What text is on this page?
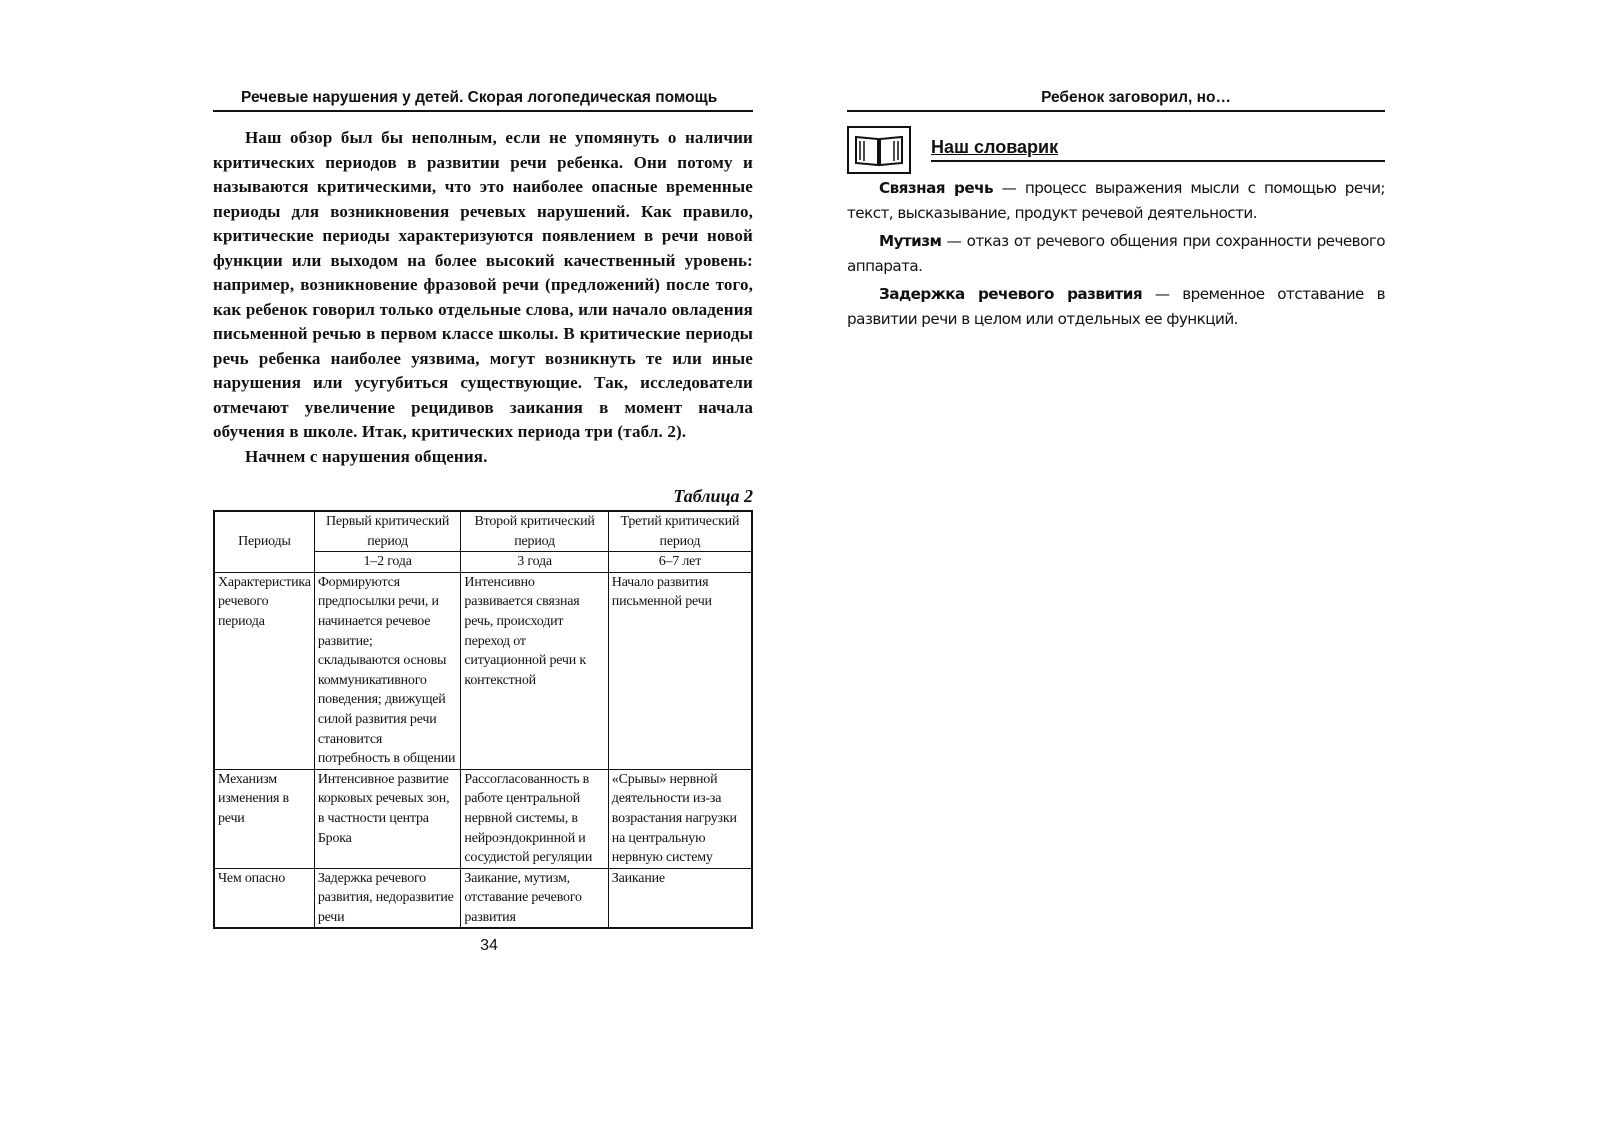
Речевые нарушения у детей. Скорая логопедическая помощь

Наш обзор был бы неполным, если не упомянуть о наличии критических периодов в развитии речи ребенка. Они потому и называются критическими, что это наиболее опасные временные периоды для возникновения речевых нарушений. Как правило, критические периоды характеризуются появлением в речи новой функции или выходом на более высокий качественный уровень: например, возникновение фразовой речи (предложений) после того, как ребенок говорил только отдельные слова, или начало овладения письменной речью в первом классе школы. В критические периоды речь ребенка наиболее уязвима, могут возникнуть те или иные нарушения или усугубиться существующие. Так, исследователи отмечают увеличение рецидивов заикания в момент начала обучения в школе. Итак, критических периода три (табл. 2).

Начнем с нарушения общения.

Таблица 2
Периоды	Первый критический период	Второй критический период	Третий критический период
	1–2 года	3 года	6–7 лет
Характеристика речевого периода	Формируются предпосылки речи, и начинается речевое развитие; складываются основы коммуникативного поведения; движущей силой развития речи становится потребность в общении	Интенсивно развивается связная речь, происходит переход от ситуационной речи к контекстной	Начало развития письменной речи
Механизм изменения в речи	Интенсивное развитие корковых речевых зон, в частности центра Брока	Рассогласованность в работе центральной нервной системы, в нейроэндокринной и сосудистой регуляции	«Срывы» нервной деятельности из-за возрастания нагрузки на центральную нервную систему
Чем опасно	Задержка речевого развития, недоразвитие речи	Заикание, мутизм, отставание речевого развития	Заикание
34
Ребенок заговорил, но…
Наш словарик

Связная речь — процесс выражения мысли с помощью речи; текст, высказывание, продукт речевой деятельности.

Мутизм — отказ от речевого общения при сохранности речевого аппарата.

Задержка речевого развития — временное отставание в развитии речи в целом или отдельных ее функций.
